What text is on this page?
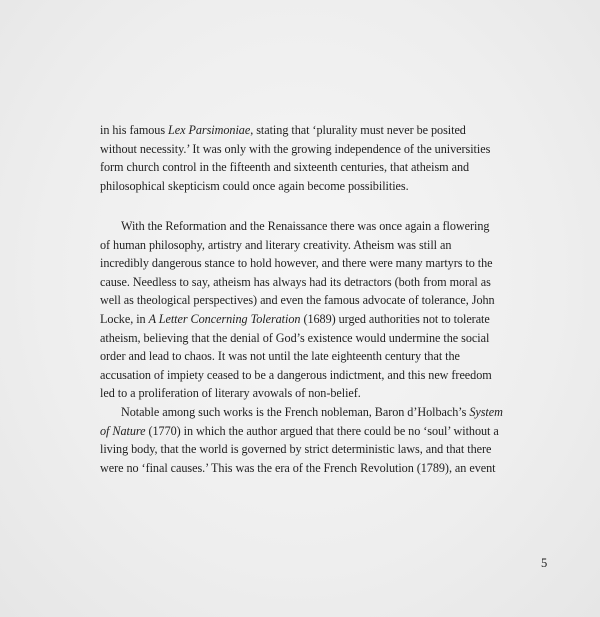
in his famous Lex Parsimoniae, stating that ‘plurality must never be posited
without necessity.’ It was only with the growing independence of the universities
form church control in the fifteenth and sixteenth centuries, that atheism and
philosophical skepticism could once again become possibilities.

With the Reformation and the Renaissance there was once again a flowering
of human philosophy, artistry and literary creativity. Atheism was still an
incredibly dangerous stance to hold however, and there were many martyrs to the
cause. Needless to say, atheism has always had its detractors (both from moral as
well as theological perspectives) and even the famous advocate of tolerance, John
Locke, in A Letter Concerning Toleration (1689) urged authorities not to tolerate
atheism, believing that the denial of God’s existence would undermine the social
order and lead to chaos. It was not until the late eighteenth century that the
accusation of impiety ceased to be a dangerous indictment, and this new freedom
led to a proliferation of literary avowals of non-belief.

Notable among such works is the French nobleman, Baron d’Holbach’s System
of Nature (1770) in which the author argued that there could be no ‘soul’ without a
living body, that the world is governed by strict deterministic laws, and that there
were no ‘final causes.’ This was the era of the French Revolution (1789), an event

5
